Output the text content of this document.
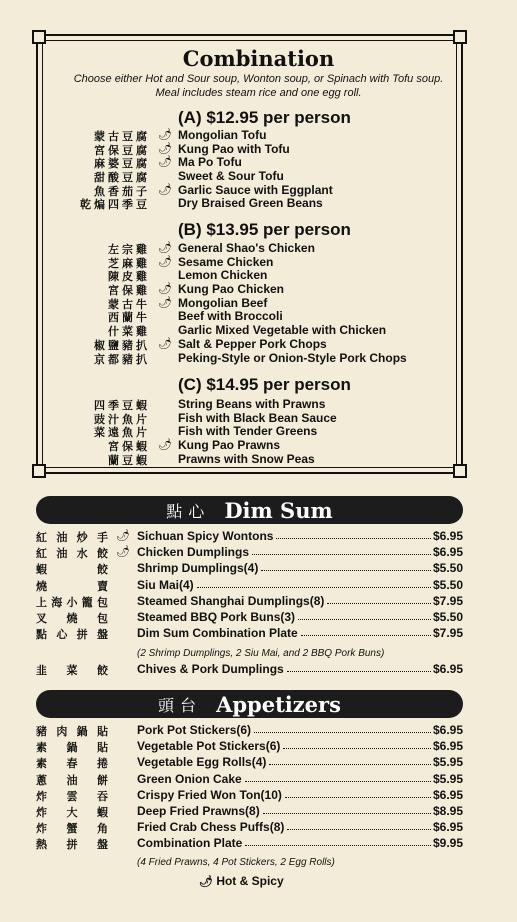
Combination
Choose either Hot and Sour soup, Wonton soup, or Spinach with Tofu soup.
Meal includes steam rice and one egg roll.
(A) $12.95 per person
蒙古豆腐 🌶︎ Mongolian Tofu
宮保豆腐 🌶︎ Kung Pao with Tofu
麻婆豆腐 🌶︎ Ma Po Tofu
甜酸豆腐 Sweet & Sour Tofu
魚香茄子 🌶︎ Garlic Sauce with Eggplant
乾煸四季豆 Dry Braised Green Beans
(B) $13.95 per person
左宗雞 🌶︎ General Shao's Chicken
芝麻雞 🌶︎ Sesame Chicken
陳皮雞 Lemon Chicken
宮保雞 🌶︎ Kung Pao Chicken
蒙古牛 🌶︎ Mongolian Beef
西蘭牛 Beef with Broccoli
什菜雞 Garlic Mixed Vegetable with Chicken
椒鹽豬扒 🌶︎ Salt & Pepper Pork Chops
京都豬扒 Peking-Style or Onion-Style Pork Chops
(C) $14.95 per person
四季豆蝦 String Beans with Prawns
豉汁魚片 Fish with Black Bean Sauce
菜遠魚片 Fish with Tender Greens
宮保蝦 🌶︎ Kung Pao Prawns
蘭豆蝦 Prawns with Snow Peas
點心 Dim Sum
紅 油 炒 手 🌶︎ Sichuan Spicy Wontons	$6.95
紅 油 水 餃 🌶︎ Chicken Dumplings	$6.95
蝦	餃 Shrimp Dumplings(4)	$5.50
燒	賣 Siu Mai(4)	$5.50
上 海 小 籠 包 Steamed Shanghai Dumplings(8)	$7.95
叉 燒 包 Steamed BBQ Pork Buns(3)	$5.50
點 心 拼 盤 Dim Sum Combination Plate	$7.95
(2 Shrimp Dumplings, 2 Siu Mai, and 2 BBQ Pork Buns)
韭 菜 餃 Chives & Pork Dumplings	$6.95
頭台 Appetizers
豬 肉 鍋 貼 Pork Pot Stickers(6)	$6.95
素 鍋 貼 Vegetable Pot Stickers(6)	$6.95
素 春 捲 Vegetable Egg Rolls(4)	$5.95
蔥 油 餅 Green Onion Cake	$5.95
炸 雲 吞 Crispy Fried Won Ton(10)	$6.95
炸 大 蝦 Deep Fried Prawns(8)	$8.95
炸 蟹 角 Fried Crab Chess Puffs(8)	$6.95
熱 拼 盤 Combination Plate	$9.95
(4 Fried Prawns, 4 Pot Stickers, 2 Egg Rolls)
🌶︎ Hot & Spicy
